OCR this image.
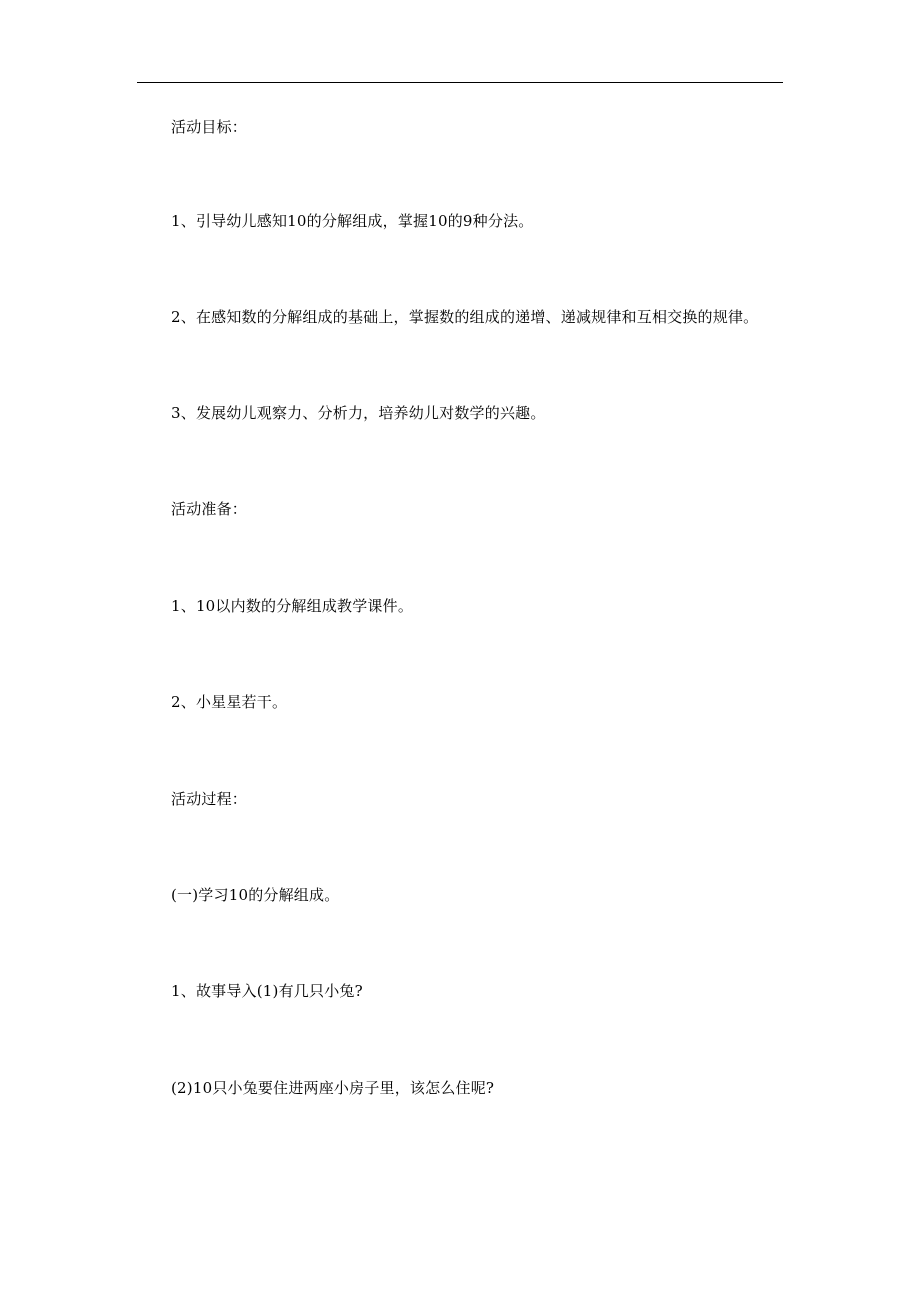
活动目标：
1、引导幼儿感知10的分解组成，掌握10的9种分法。
2、在感知数的分解组成的基础上，掌握数的组成的递增、递减规律和互相交换的规律。
3、发展幼儿观察力、分析力，培养幼儿对数学的兴趣。
活动准备：
1、10以内数的分解组成教学课件。
2、小星星若干。
活动过程：
(一)学习10的分解组成。
1、故事导入(1)有几只小兔?
(2)10只小兔要住进两座小房子里，该怎么住呢?
